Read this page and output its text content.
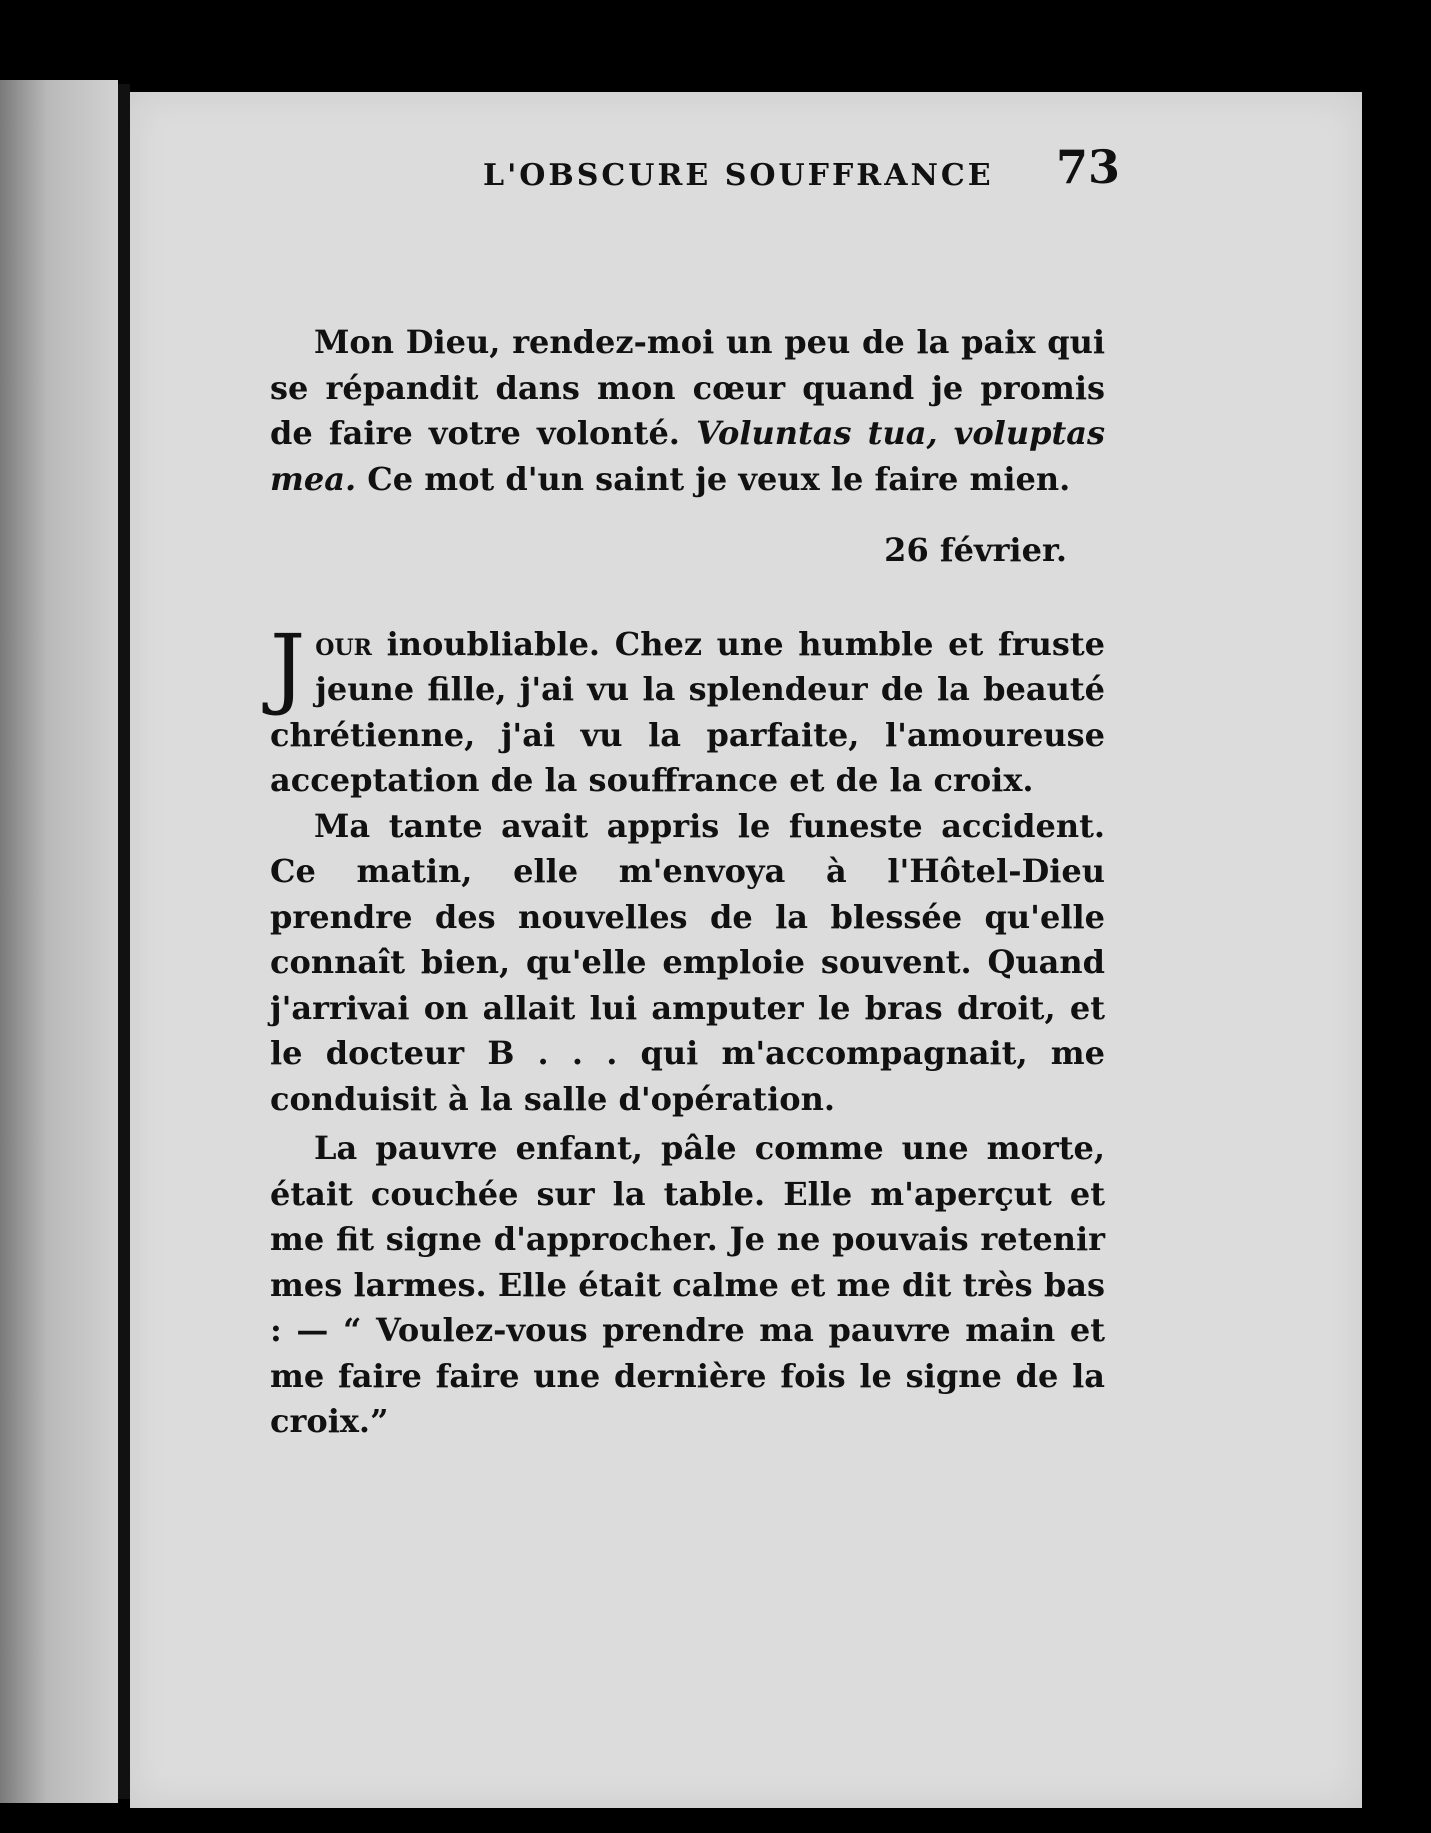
L'OBSCURE SOUFFRANCE 73

Mon Dieu, rendez-moi un peu de la paix qui se répandit dans mon cœur quand je promis de faire votre volonté. Voluntas tua, voluptas mea. Ce mot d'un saint je veux le faire mien.

26 février.

Jour inoubliable. Chez une humble et fruste jeune fille, j'ai vu la splendeur de la beauté chrétienne, j'ai vu la parfaite, l'amoureuse acceptation de la souffrance et de la croix.

Ma tante avait appris le funeste accident. Ce matin, elle m'envoya à l'Hôtel-Dieu prendre des nouvelles de la blessée qu'elle connaît bien, qu'elle emploie souvent. Quand j'arrivai on allait lui amputer le bras droit, et le docteur B . . . qui m'accompagnait, me conduisit à la salle d'opération.

La pauvre enfant, pâle comme une morte, était couchée sur la table. Elle m'aperçut et me fit signe d'approcher. Je ne pouvais retenir mes larmes. Elle était calme et me dit très bas : — “ Voulez-vous prendre ma pauvre main et me faire faire une dernière fois le signe de la croix.”
